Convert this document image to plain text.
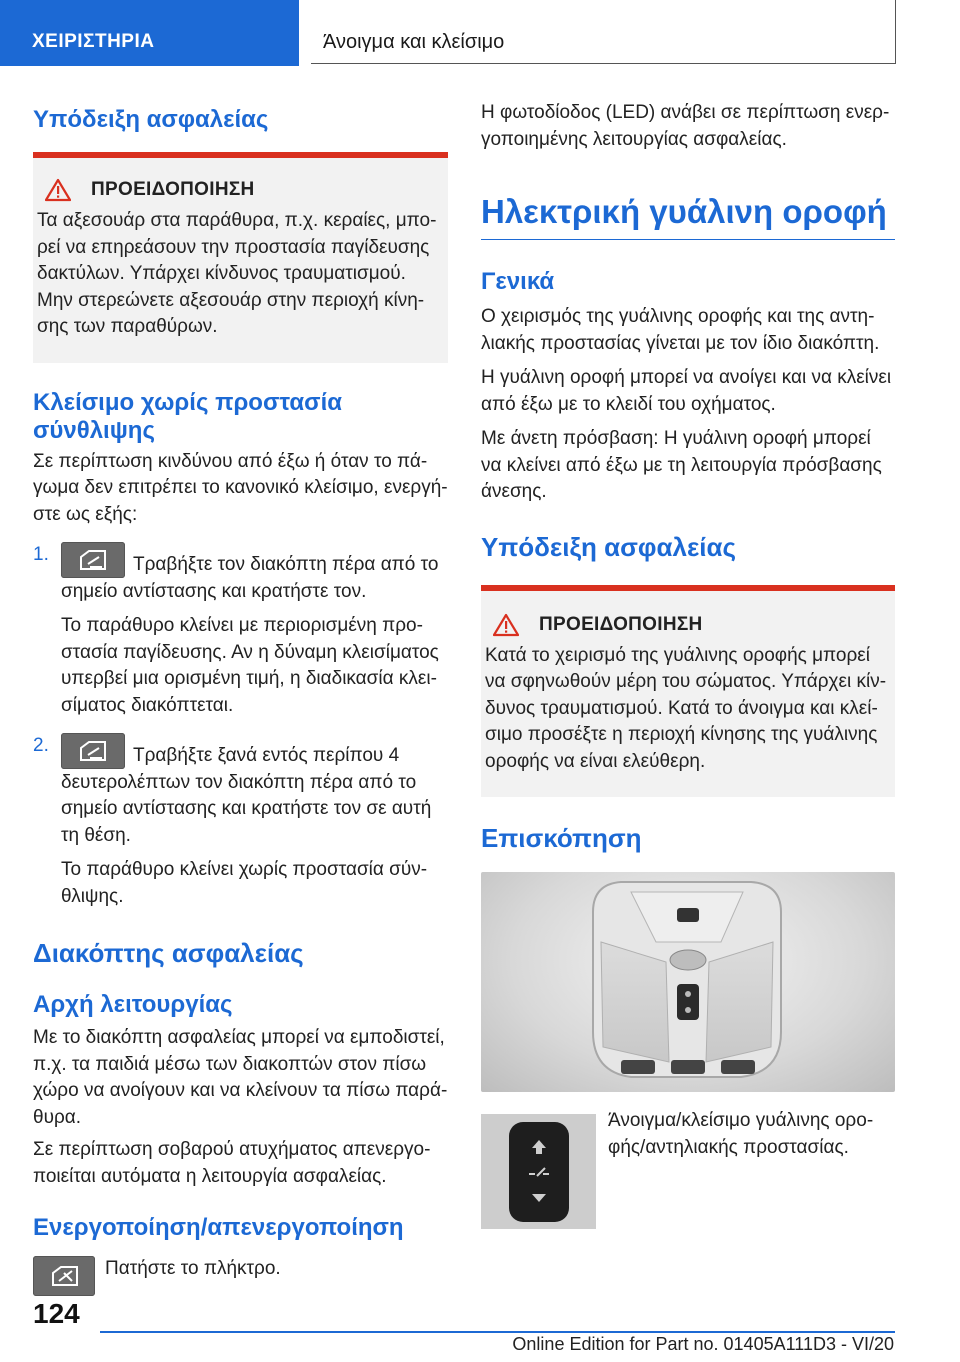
ΧΕΙΡΙΣΤΗΡΙΑ	Άνοιγμα και κλείσιμο
Υπόδειξη ασφαλείας
ΠΡΟΕΙΔΟΠΟΙΗΣΗ

Τα αξεσουάρ στα παράθυρα, π.χ. κεραίες, μπορεί να επηρεάσουν την προστασία παγίδευσης δακτύλων. Υπάρχει κίνδυνος τραυματισμού. Μην στερεώνετε αξεσουάρ στην περιοχή κίνησης των παραθύρων.

Κλείσιμο χωρίς προστασία σύνθλιψης

Σε περίπτωση κινδύνου από έξω ή όταν το πάγωμα δεν επιτρέπει το κανονικό κλείσιμο, ενεργήστε ως εξής:

1.	Τραβήξτε τον διακόπτη πέρα από το σημείο αντίστασης και κρατήστε τον.

Το παράθυρο κλείνει με περιορισμένη προστασία παγίδευσης. Αν η δύναμη κλεισίματος υπερβεί μια ορισμένη τιμή, η διαδικασία κλεισίματος διακόπτεται.

2.	Τραβήξτε ξανά εντός περίπου 4 δευτερολέπτων τον διακόπτη πέρα από το σημείο αντίστασης και κρατήστε τον σε αυτή τη θέση.

Το παράθυρο κλείνει χωρίς προστασία σύνθλιψης.

Διακόπτης ασφαλείας
Αρχή λειτουργίας

Με το διακόπτη ασφαλείας μπορεί να εμποδιστεί, π.χ. τα παιδιά μέσω των διακοπτών στον πίσω χώρο να ανοίγουν και να κλείνουν τα πίσω παράθυρα.

Σε περίπτωση σοβαρού ατυχήματος απενεργοποιείται αυτόματα η λειτουργία ασφαλείας.

Ενεργοποίηση/απενεργοποίηση

Πατήστε το πλήκτρο.

Η φωτοδίοδος (LED) ανάβει σε περίπτωση ενεργοποιημένης λειτουργίας ασφαλείας.

Ηλεκτρική γυάλινη οροφή
Γενικά

Ο χειρισμός της γυάλινης οροφής και της αντηλιακής προστασίας γίνεται με τον ίδιο διακόπτη.

Η γυάλινη οροφή μπορεί να ανοίγει και να κλείνει από έξω με το κλειδί του οχήματος.

Με άνετη πρόσβαση: Η γυάλινη οροφή μπορεί να κλείνει από έξω με τη λειτουργία πρόσβασης άνεσης.

Υπόδειξη ασφαλείας
ΠΡΟΕΙΔΟΠΟΙΗΣΗ

Κατά το χειρισμό της γυάλινης οροφής μπορεί να σφηνωθούν μέρη του σώματος. Υπάρχει κίνδυνος τραυματισμού. Κατά το άνοιγμα και κλείσιμο προσέξτε η περιοχή κίνησης της γυάλινης οροφής να είναι ελεύθερη.

Επισκόπηση

Άνοιγμα/κλείσιμο γυάλινης οροφής/αντηλιακής προστασίας.

124
Online Edition for Part no. 01405A111D3 - VI/20
